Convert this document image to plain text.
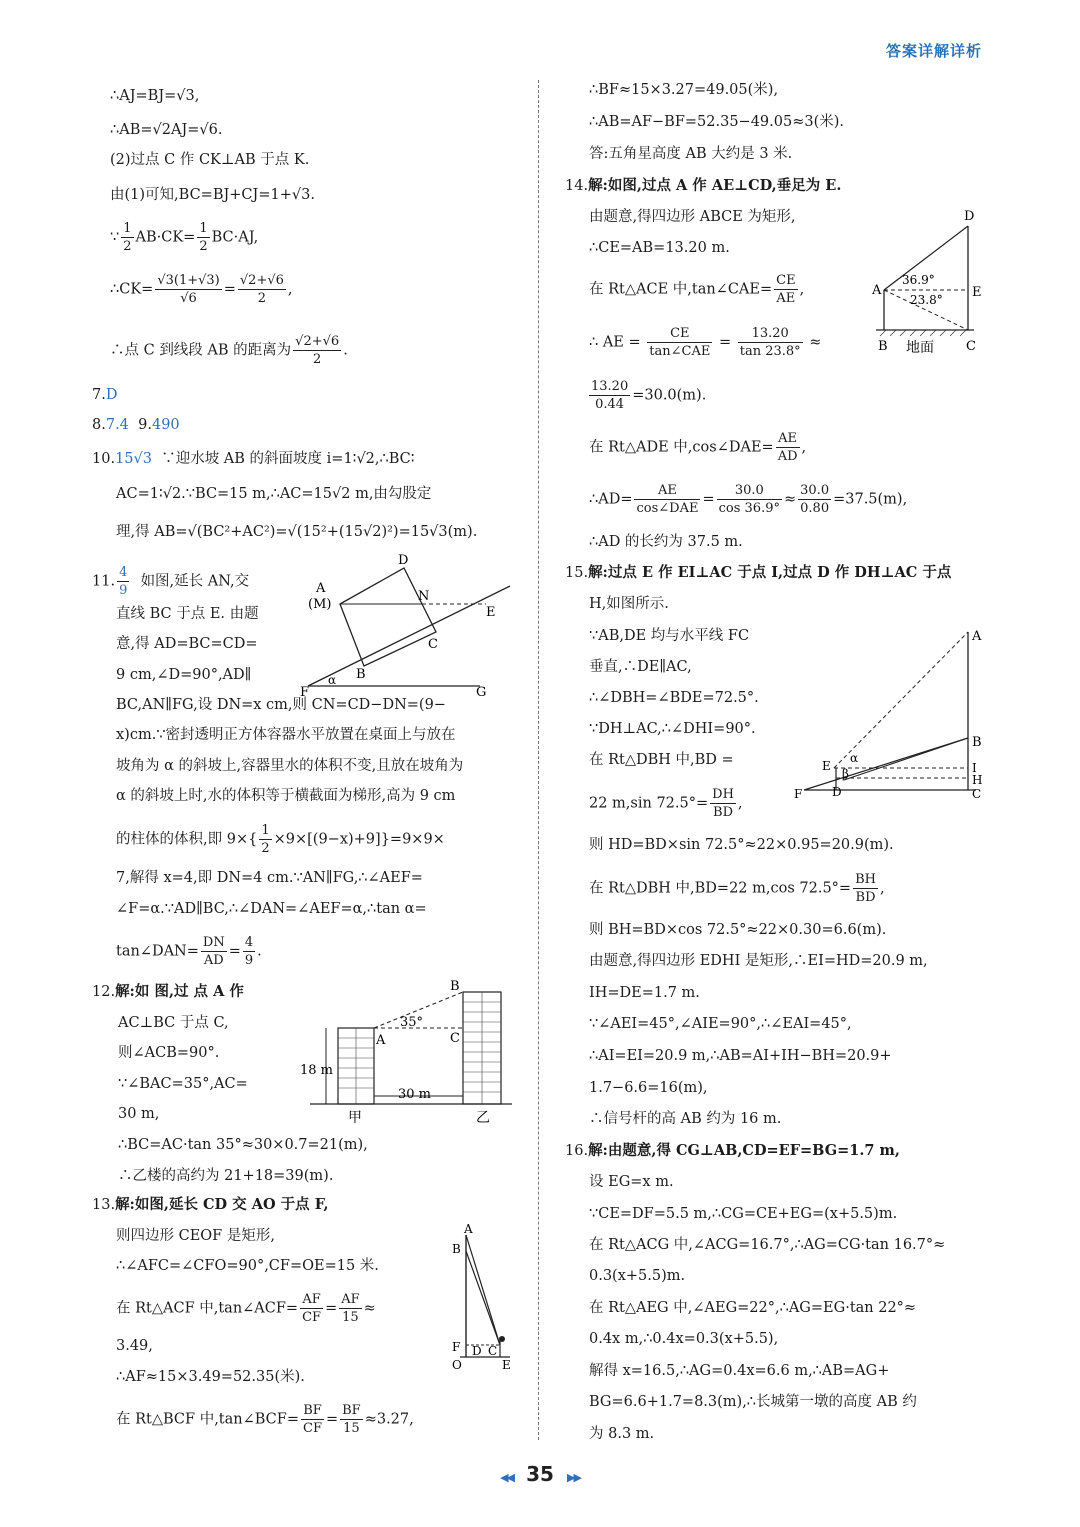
答案详解详析
∴AJ=BJ=√3,
∴AB=√2AJ=√6.
(2)过点 C 作 CK⊥AB 于点 K.
由(1)可知,BC=BJ+CJ=1+√3.
∵ $\frac{1}{2} AB\cdot CK= \frac{1}{2} BC\cdot AJ$,
∴CK= $\frac{√3(1+√3)}{√6} = \frac{√2+√6}{2}$ ,
∴点 C 到线段 AB 的距离为 $\frac{√2+√6}{2}$ .
7.D
8.7.4 9.490
10.15√3 ∵迎水坡 AB 的斜面坡度 i=1∶√2,∴BC∶
AC=1∶√2.∵BC=15 m,∴AC=15√2 m,由勾股定
理,得 AB=√(BC²+AC²)=√(15²+(15√2)²)=15√3(m).
11. $\frac{4}{9}$ 如图,延长 AN,交
直线 BC 于点 E. 由题
意,得 AD=BC=CD=
9 cm,∠D=90°,AD∥
BC,AN∥FG,设 DN=x cm,则 CN=CD−DN=(9−
x)cm.∵密封透明正方体容器水平放置在桌面上与放在
坡角为 α 的斜坡上,容器里水的体积不变,且放在坡角为
α 的斜坡上时,水的体积等于横截面为梯形,高为 9 cm
的柱体的体积,即 $9\times\{ \frac{1}{2} \times 9\times[(9-x)+9]\}=9\times 9\times$
7,解得 x=4,即 DN=4 cm.∵AN∥FG,∴∠AEF=
∠F=α.∵AD∥BC,∴∠DAN=∠AEF=α,∴tan α=
tan∠DAN= $\frac{DN}{AD} = \frac{4}{9}$ .
A
(M)
D
N
E
C
B
F
α
G
12.解:如 图,过 点 A 作
AC⊥BC 于点 C,
则∠ACB=90°.
∵∠BAC=35°,AC=
30 m,
∴BC=AC·tan 35°≈30×0.7=21(m),
∴乙楼的高约为 21+18=39(m).
B
35°
A	C
18 m
30 m
甲	乙
13.解:如图,延长 CD 交 AO 于点 F,
则四边形 CEOF 是矩形,
∴∠AFC=∠CFO=90°,CF=OE=15 米.
在 Rt△ACF 中,tan∠ACF= $\frac{AF}{CF} = \frac{AF}{15}$ ≈
3.49,
∴AF≈15×3.49=52.35(米).
在 Rt△BCF 中,tan∠BCF= $\frac{BF}{CF} = \frac{BF}{15} \approx 3.27$,
A
B
F
O
D C
E
∴BF≈15×3.27=49.05(米),
∴AB=AF−BF=52.35−49.05≈3(米).
答:五角星高度 AB 大约是 3 米.
14.解:如图,过点 A 作 AE⊥CD,垂足为 E.
由题意,得四边形 ABCE 为矩形,
∴CE=AB=13.20 m.
在 Rt△ACE 中,tan∠CAE= $\frac{CE}{AE}$ ,
∴ AE = $\frac{CE}{\text{tan∠CAE}} = \frac{13.20}{\tan 23.8^\circ}$ ≈
$\frac{13.20}{0.44} =30.0(m)$.
在 Rt△ADE 中,cos∠DAE= $\frac{AE}{AD}$ ,
∴AD= $\frac{AE}{\text{cos∠DAE}} = \frac{30.0}{\cos 36.9^\circ} \approx \frac{30.0}{0.80} =37.5(m)$,
∴AD 的长约为 37.5 m.
D
A	E
B	C
36.9°
23.8°
地面
15.解:过点 E 作 EI⊥AC 于点 I,过点 D 作 DH⊥AC 于点
H,如图所示.
∵AB,DE 均与水平线 FC
垂直,∴DE∥AC,
∴∠DBH=∠BDE=72.5°.
∵DH⊥AC,∴∠DHI=90°.
在 Rt△DBH 中,BD =
22 m,sin $72.5^\circ= \frac{DH}{BD}$ ,
则 HD=BD×sin 72.5°≈22×0.95=20.9(m).
在 Rt△DBH 中,BD=22 m,cos $72.5^\circ= \frac{BH}{BD}$ ,
则 BH=BD×cos 72.5°≈22×0.30=6.6(m).
由题意,得四边形 EDHI 是矩形,∴EI=HD=20.9 m,
IH=DE=1.7 m.
∵∠AEI=45°,∠AIE=90°,∴∠EAI=45°,
∴AI=EI=20.9 m,∴AB=AI+IH−BH=20.9+
1.7−6.6=16(m),
∴信号杆的高 AB 约为 16 m.
A
B
I
H
C
E
D
F
α
β
16.解:由题意,得 CG⊥AB,CD=EF=BG=1.7 m,
设 EG=x m.
∵CE=DF=5.5 m,∴CG=CE+EG=(x+5.5)m.
在 Rt△ACG 中,∠ACG=16.7°,∴AG=CG·tan 16.7°≈
0.3(x+5.5)m.
在 Rt△AEG 中,∠AEG=22°,∴AG=EG·tan 22°≈
0.4x m,∴0.4x=0.3(x+5.5),
解得 x=16.5,∴AG=0.4x=6.6 m,∴AB=AG+
BG=6.6+1.7=8.3(m),∴长城第一墩的高度 AB 约
为 8.3 m.
◀◀ 35 ▶▶
